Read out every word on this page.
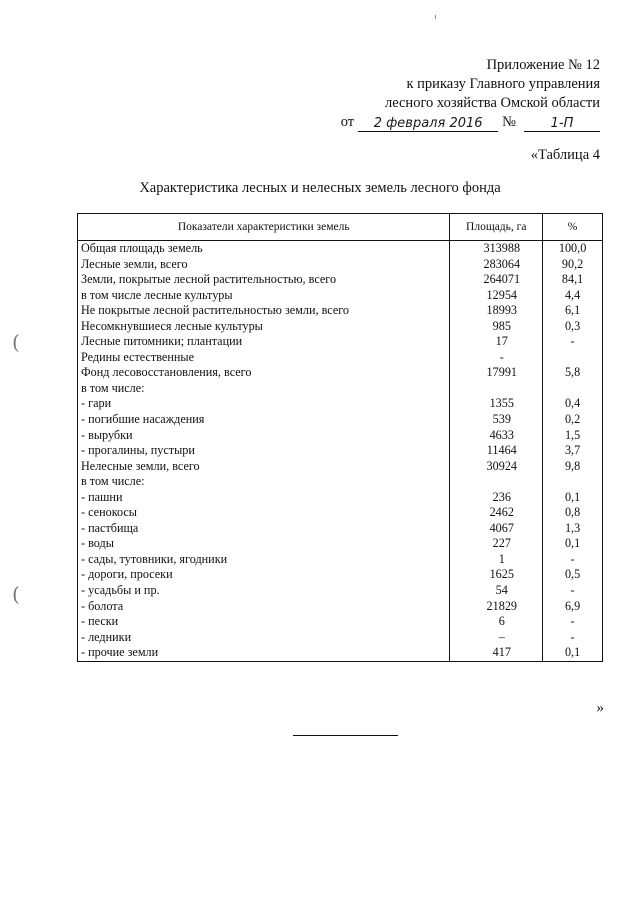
Приложение № 12
к приказу Главного управления
лесного хозяйства Омской области
от	2 февраля 2016	№	1-П
«Таблица 4
Характеристика лесных и нелесных земель лесного фонда
Показатели характеристики земель	Площадь, га	%
Общая площадь земель	313988	100,0
Лесные земли, всего	283064	90,2
Земли, покрытые лесной растительностью, всего	264071	84,1
в том числе лесные культуры	12954	4,4
Не покрытые лесной растительностью земли, всего	18993	6,1
Несомкнувшиеся лесные культуры	985	0,3
Лесные питомники; плантации	17	-
Редины естественные	-	
Фонд лесовосстановления, всего	17991	5,8
в том числе:		
- гари	1355	0,4
- погибшие насаждения	539	0,2
- вырубки	4633	1,5
- прогалины, пустыри	11464	3,7
Нелесные земли, всего	30924	9,8
в том числе:		
- пашни	236	0,1
- сенокосы	2462	0,8
- пастбища	4067	1,3
- воды	227	0,1
- сады, тутовники, ягодники	1	-
- дороги, просеки	1625	0,5
- усадьбы и пр.	54	-
- болота	21829	6,9
- пески	6	-
- ледники	–	-
- прочие земли	417	0,1
»
(
(
